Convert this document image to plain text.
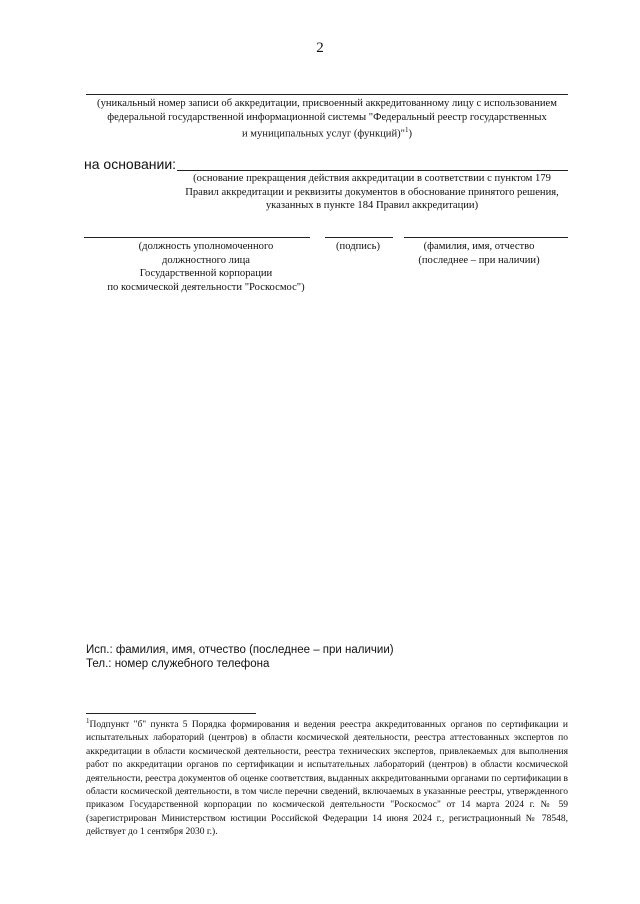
2
(уникальный номер записи об аккредитации, присвоенный аккредитованному лицу с использованием
федеральной государственной информационной системы "Федеральный реестр государственных
и муниципальных услуг (функций)"$^1$)
на основании:
(основание прекращения действия аккредитации в соответствии с пунктом 179
Правил аккредитации и реквизиты документов в обоснование принятого решения,
указанных в пункте 184 Правил аккредитации)
(должность уполномоченного
должностного лица
Государственной корпорации
по космической деятельности "Роскосмос")
(подпись)	(фамилия, имя, отчество
(последнее – при наличии)
Исп.: фамилия, имя, отчество (последнее – при наличии)
Тел.: номер служебного телефона
$^1$Подпункт "б" пункта 5 Порядка формирования и ведения реестра аккредитованных органов по сертификации и испытательных лабораторий (центров) в области космической деятельности, реестра аттестованных экспертов по аккредитации в области космической деятельности, реестра технических экспертов, привлекаемых для выполнения работ по аккредитации органов по сертификации и испытательных лабораторий (центров) в области космической деятельности, реестра документов об оценке соответствия, выданных аккредитованными органами по сертификации в области космической деятельности, в том числе перечни сведений, включаемых в указанные реестры, утвержденного приказом Государственной корпорации по космической деятельности "Роскосмос" от 14 марта 2024 г. № 59 (зарегистрирован Министерством юстиции Российской Федерации 14 июня 2024 г., регистрационный № 78548, действует до 1 сентября 2030 г.).
